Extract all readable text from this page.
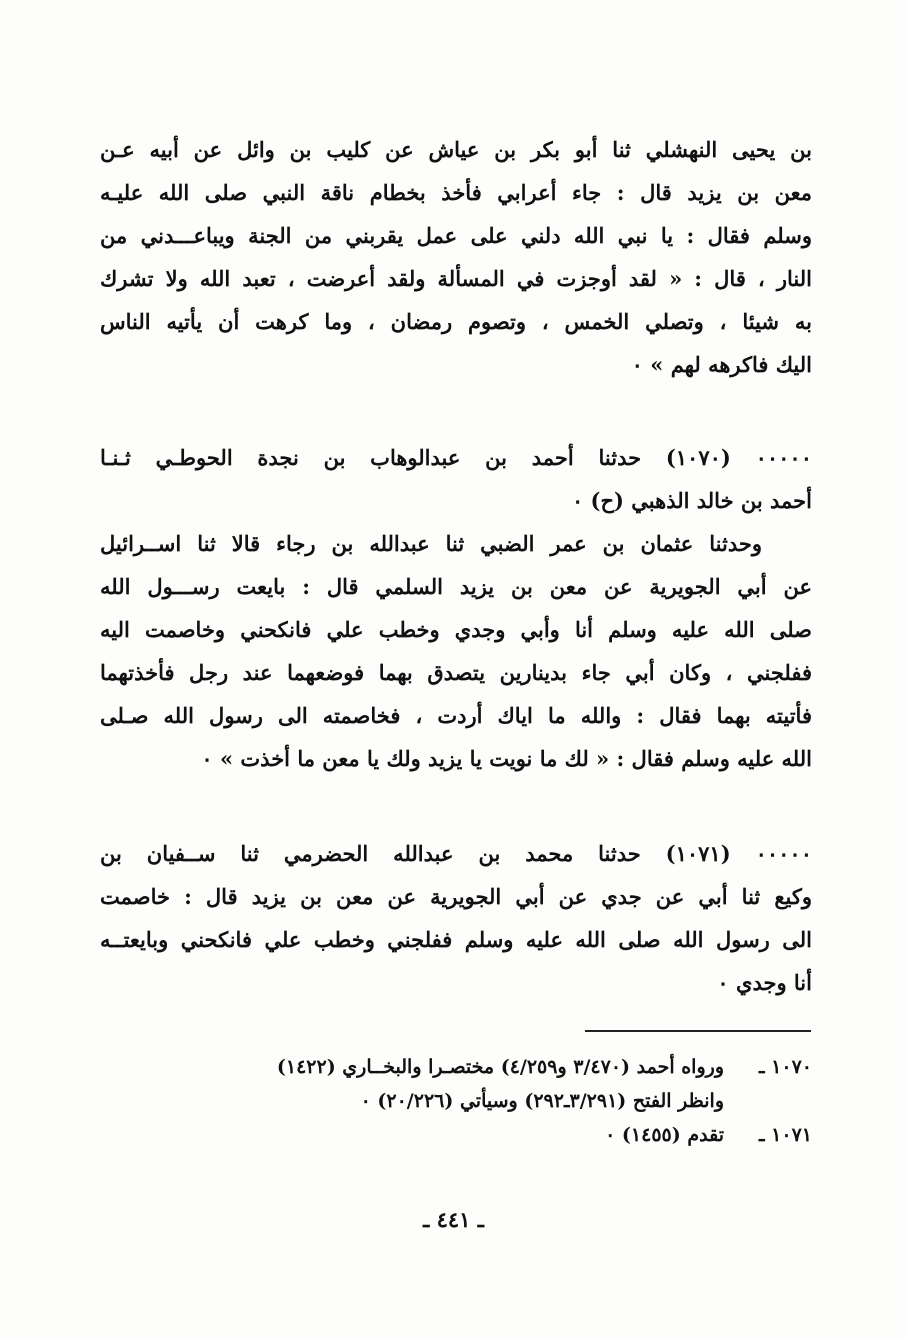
بن يحيى النهشلي ثنا أبو بكر بن عياش عن كليب بن وائل عن أبيه عـن
معن بن يزيد قال : جاء أعرابي فأخذ بخطام ناقة النبي صلى الله عليـه
وسلم فقال : يا نبي الله دلني على عمل يقربني من الجنة ويباعـــدني من
النار ، قال : « لقد أوجزت في المسألة ولقد أعرضت ، تعبد الله ولا تشرك
به شيئا ، وتصلي الخمس ، وتصوم رمضان ، وما كرهت أن يأتيه الناس
اليك فاكرهه لهم » ٠
٠٠٠٠٠ (١٠٧٠) حدثنا أحمد بن عبدالوهاب بن نجدة الحوطـي ثـنـا
أحمد بن خالد الذهبي (ح) ٠
وحدثنا عثمان بن عمر الضبي ثنا عبدالله بن رجاء قالا ثنا اســرائيل
عن أبي الجويرية عن معن بن يزيد السلمي قال : بايعت رســـول الله
صلى الله عليه وسلم أنا وأبي وجدي وخطب علي فانكحني وخاصمت اليه
ففلجني ، وكان أبي جاء بدينارين يتصدق بهما فوضعهما عند رجل فأخذتهما
فأتيته بهما فقال : والله ما اياك أردت ، فخاصمته الى رسول الله صـلى
الله عليه وسلم فقال : « لك ما نويت يا يزيد ولك يا معن ما أخذت » ٠
٠٠٠٠٠ (١٠٧١) حدثنا محمد بن عبدالله الحضرمي ثنا ســفيان بن
وكيع ثنا أبي عن جدي عن أبي الجويرية عن معن بن يزيد قال : خاصمت
الى رسول الله صلى الله عليه وسلم ففلجني وخطب علي فانكحني وبايعتــه
أنا وجدي ٠
١٠٧٠ ـورواه أحمد (٣/٤٧٠ و٤/٢٥٩) مختصـرا والبخــاري (١٤٢٢)
وانظر الفتح (٣/٢٩١ـ٢٩٢) وسيأتي (٢٠/٢٢٦) ٠
١٠٧١ ـتقدم (١٤٥٥) ٠
ـ ٤٤١ ـ
